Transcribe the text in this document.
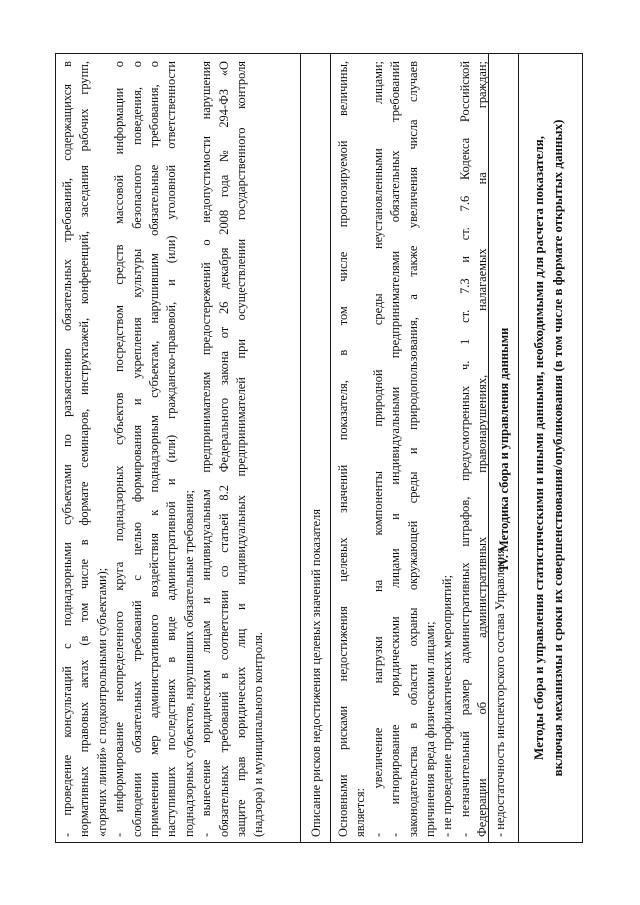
- проведение консультаций с поднадзорными субъектами по разъяснению обязательных требований, содержащихся в нормативных правовых актах (в том числе в формате семинаров, инструктажей, конференций, заседания рабочих групп, «горячих линий» с подконтрольными субъектами); - информирование неопределенного круга поднадзорных субъектов посредством средств массовой информации о соблюдении обязательных требований с целью формирования и укрепления культуры безопасного поведения, о применении мер административного воздействия к поднадзорным субъектам, нарушившим обязательные требования, о наступивших последствиях в виде административной и (или) гражданско-правовой, и (или) уголовной ответственности поднадзорных субъектов, нарушивших обязательные требования; - вынесение юридическим лицам и индивидуальным предпринимателям предостережений о недопустимости нарушения обязательных требований в соответствии со статьей 8.2 Федерального закона от 26 декабря 2008 года № 294-ФЗ «О защите прав юридических лиц и индивидуальных предпринимателей при осуществлении государственного контроля (надзора) и муниципального контроля.	Описание рисков недостижения целевых значений показателя Основными рисками недостижения целевых значений показателя, в том числе прогнозируемой величины, является: - увеличение нагрузки на компоненты природной среды неустановленными лицами; - игнорирование юридическими лицами и индивидуальными предпринимателями обязательных требований законодательства в области охраны окружающей среды и природопользования, а также увеличения числа случаев причинения вреда физическими лицами; - не проведение профилактических мероприятий; - незначительный размер административных штрафов, предусмотренных ч. 1 ст. 7.3 и ст. 7.6 Кодекса Российской Федерации об административных правонарушениях, налагаемых на граждан; - недостаточность инспекторского состава Управления
IV. Методика сбора и управления данными Методы сбора и управления статистическими и иными данными, необходимыми для расчета показателя, включая механизмы и сроки их совершенствования/опубликования (в том числе в формате открытых данных)
